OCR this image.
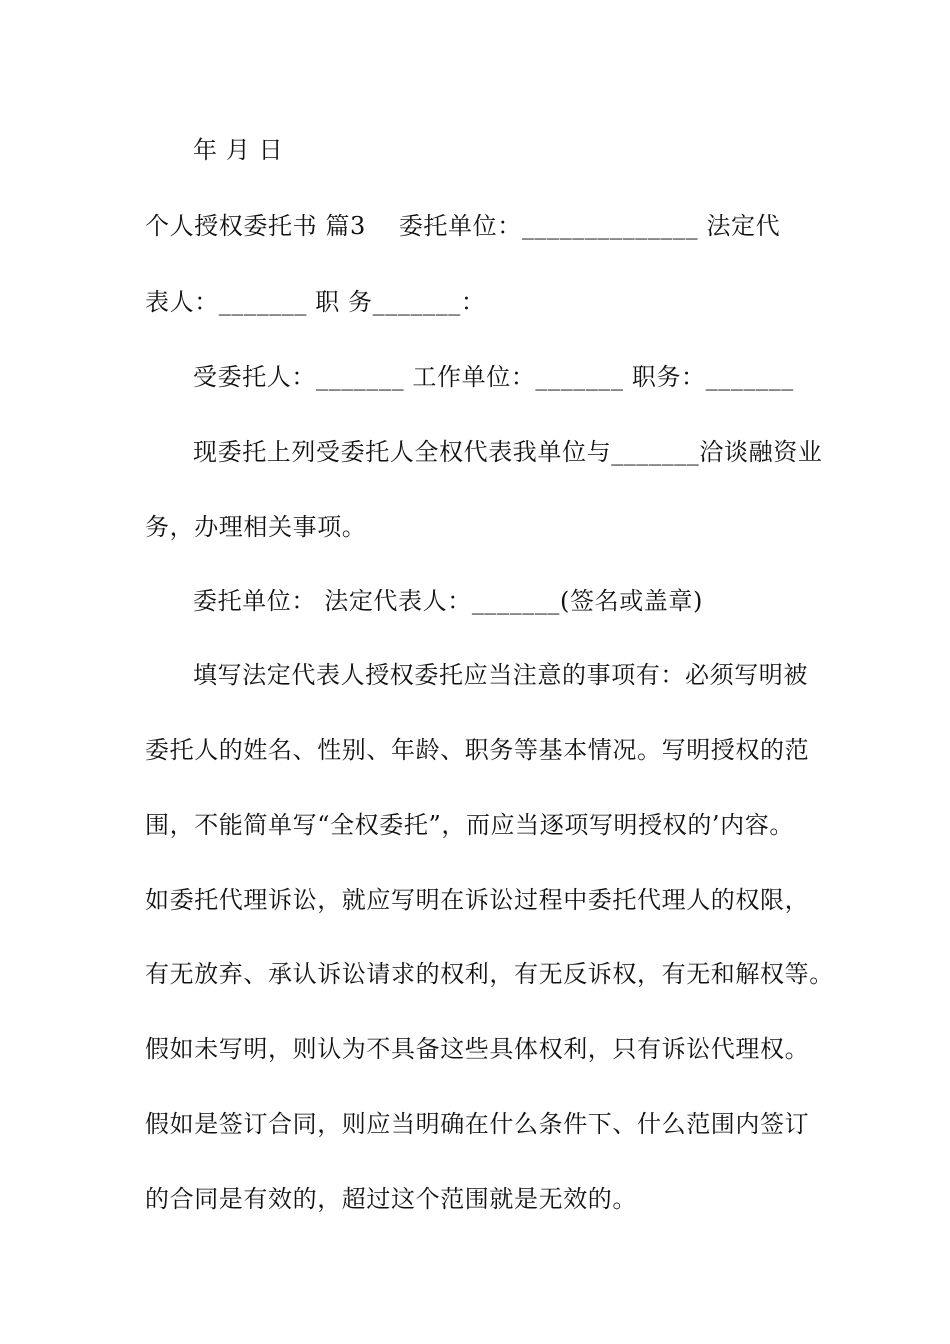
年 月 日
个人授权委托书 篇3    委托单位：______________ 法定代
表人：_______ 职 务_______：
受委托人：_______ 工作单位：_______ 职务：_______
现委托上列受委托人全权代表我单位与_______洽谈融资业
务，办理相关事项。
委托单位： 法定代表人：_______(签名或盖章)
填写法定代表人授权委托应当注意的事项有：必须写明被
委托人的姓名、性别、年龄、职务等基本情况。写明授权的范
围，不能简单写“全权委托”，而应当逐项写明授权的’内容。
如委托代理诉讼，就应写明在诉讼过程中委托代理人的权限，
有无放弃、承认诉讼请求的权利，有无反诉权，有无和解权等。
假如未写明，则认为不具备这些具体权利，只有诉讼代理权。
假如是签订合同，则应当明确在什么条件下、什么范围内签订
的合同是有效的，超过这个范围就是无效的。
